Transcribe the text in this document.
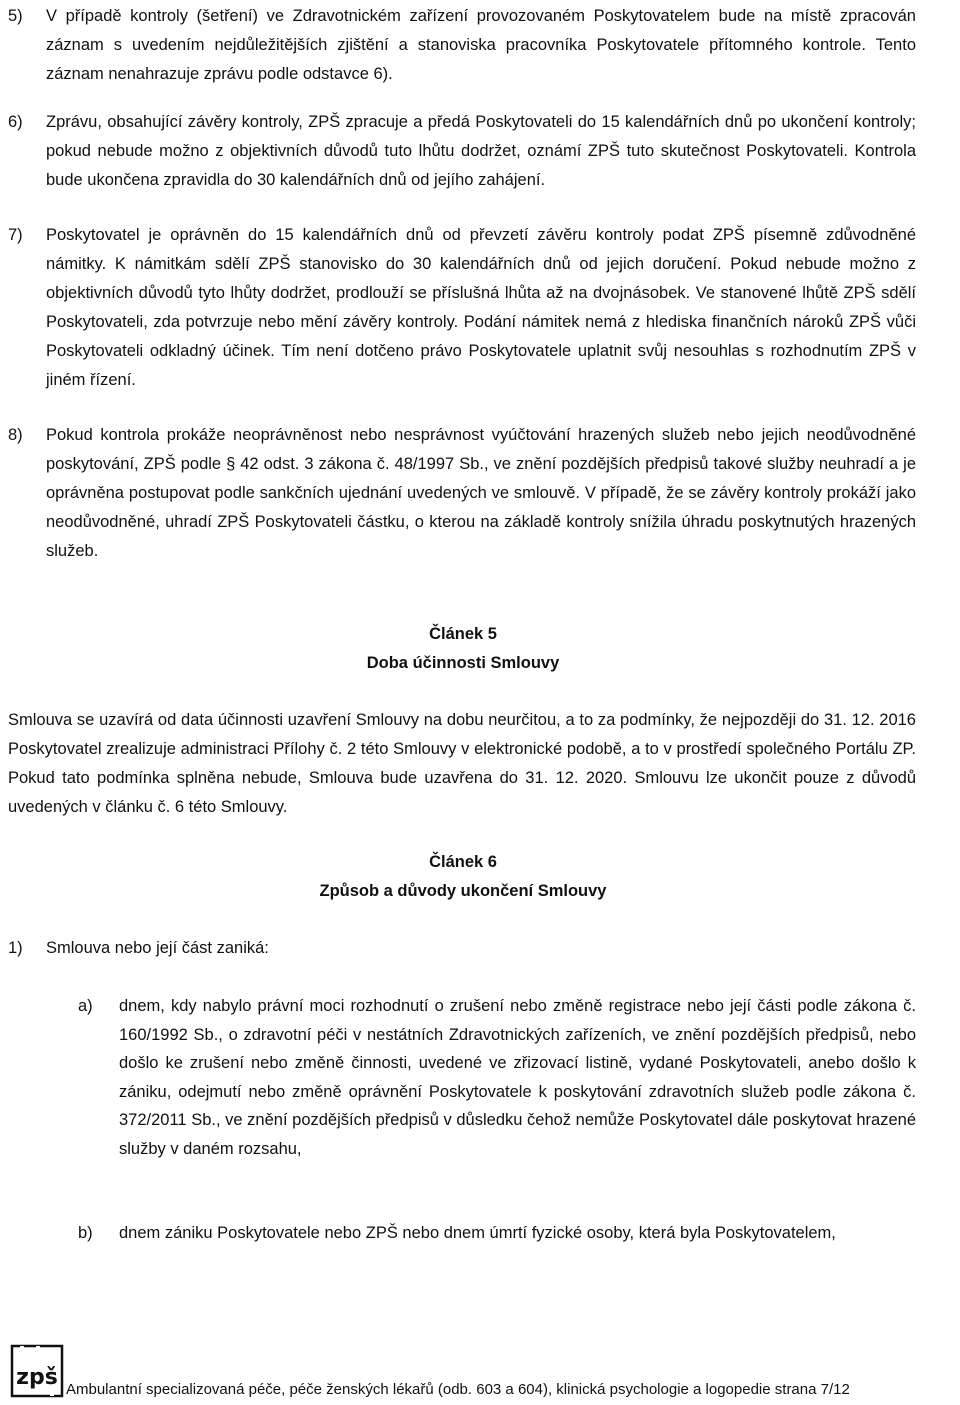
5)	V případě kontroly (šetření) ve Zdravotnickém zařízení provozovaném Poskytovatelem bude na místě zpracován záznam s uvedením nejdůležitějších zjištění a stanoviska pracovníka Poskytovatele přítomného kontrole. Tento záznam nenahrazuje zprávu podle odstavce 6).
6)	Zprávu, obsahující závěry kontroly, ZPŠ zpracuje a předá Poskytovateli do 15 kalendářních dnů po ukončení kontroly; pokud nebude možno z objektivních důvodů tuto lhůtu dodržet, oznámí ZPŠ tuto skutečnost Poskytovateli. Kontrola bude ukončena zpravidla do 30 kalendářních dnů od jejího zahájení.
7)	Poskytovatel je oprávněn do 15 kalendářních dnů od převzetí závěru kontroly podat ZPŠ písemně zdůvodněné námitky. K námitkám sdělí ZPŠ stanovisko do 30 kalendářních dnů od jejich doručení. Pokud nebude možno z objektivních důvodů tyto lhůty dodržet, prodlouží se příslušná lhůta až na dvojnásobek. Ve stanovené lhůtě ZPŠ sdělí Poskytovateli, zda potvrzuje nebo mění závěry kontroly. Podání námitek nemá z hlediska finančních nároků ZPŠ vůči Poskytovateli odkladný účinek. Tím není dotčeno právo Poskytovatele uplatnit svůj nesouhlas s rozhodnutím ZPŠ v jiném řízení.
8)	Pokud kontrola prokáže neoprávněnost nebo nesprávnost vyúčtování hrazených služeb nebo jejich neodůvodněné poskytování, ZPŠ podle § 42 odst. 3 zákona č. 48/1997 Sb., ve znění pozdějších předpisů takové služby neuhradí a je oprávněna postupovat podle sankčních ujednání uvedených ve smlouvě. V případě, že se závěry kontroly prokáží jako neodůvodněné, uhradí ZPŠ Poskytovateli částku, o kterou na základě kontroly snížila úhradu poskytnutých hrazených služeb.
Článek 5
Doba účinnosti Smlouvy
Smlouva se uzavírá od data účinnosti uzavření Smlouvy na dobu neurčitou, a to za podmínky, že nejpozději do 31. 12. 2016 Poskytovatel zrealizuje administraci Přílohy č. 2 této Smlouvy v elektronické podobě, a to v prostředí společného Portálu ZP. Pokud tato podmínka splněna nebude, Smlouva bude uzavřena do 31. 12. 2020. Smlouvu lze ukončit pouze z důvodů uvedených v článku č. 6 této Smlouvy.
Článek 6
Způsob a důvody ukončení Smlouvy
1)	Smlouva nebo její část zaniká:
a)	dnem, kdy nabylo právní moci rozhodnutí o zrušení nebo změně registrace nebo její části podle zákona č. 160/1992 Sb., o zdravotní péči v nestátních Zdravotnických zařízeních, ve znění pozdějších předpisů, nebo došlo ke zrušení nebo změně činnosti, uvedené ve zřizovací listině, vydané Poskytovateli, anebo došlo k zániku, odejmutí nebo změně oprávnění Poskytovatele k poskytování zdravotních služeb podle zákona č. 372/2011 Sb., ve znění pozdějších předpisů v důsledku čehož nemůže Poskytovatel dále poskytovat hrazené služby v daném rozsahu,
b)	dnem zániku Poskytovatele nebo ZPŠ nebo dnem úmrtí fyzické osoby, která byla Poskytovatelem,
zpš Ambulantní specializovaná péče, péče ženských lékařů (odb. 603 a 604), klinická psychologie a logopedie strana 7/12
